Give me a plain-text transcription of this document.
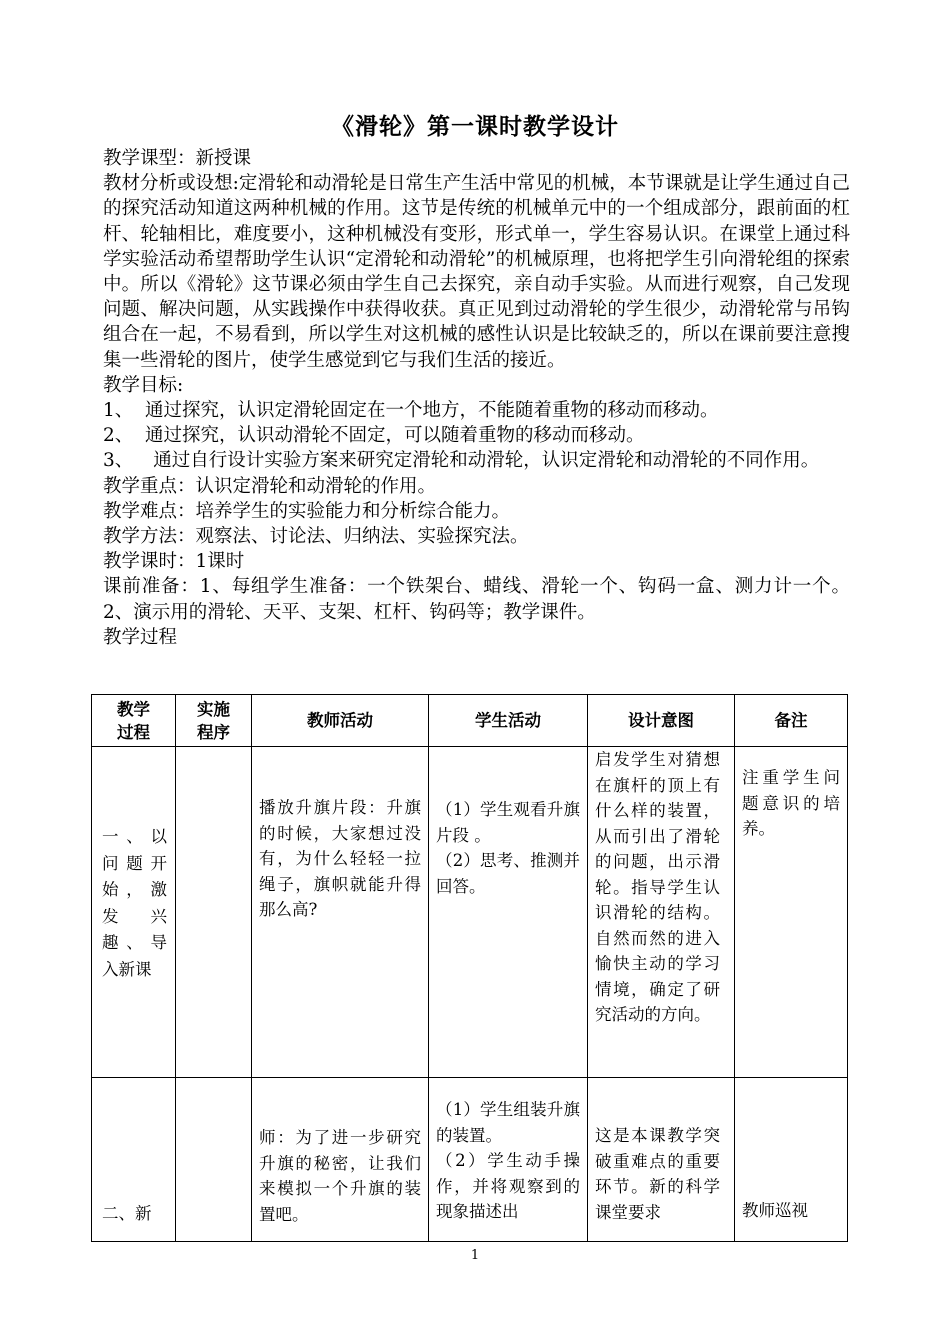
《滑轮》第一课时教学设计

教学课型：新授课

教材分析或设想:定滑轮和动滑轮是日常生产生活中常见的机械，本节课就是让学生通过自己的探究活动知道这两种机械的作用。这节是传统的机械单元中的一个组成部分，跟前面的杠杆、轮轴相比，难度要小，这种机械没有变形，形式单一，学生容易认识。在课堂上通过科学实验活动希望帮助学生认识“定滑轮和动滑轮”的机械原理，也将把学生引向滑轮组的探索中。所以《滑轮》这节课必须由学生自己去探究，亲自动手实验。从而进行观察，自己发现问题、解决问题，从实践操作中获得收获。真正见到过动滑轮的学生很少，动滑轮常与吊钩组合在一起，不易看到，所以学生对这机械的感性认识是比较缺乏的，所以在课前要注意搜集一些滑轮的图片，使学生感觉到它与我们生活的接近。

教学目标:

1、 通过探究，认识定滑轮固定在一个地方，不能随着重物的移动而移动。

2、 通过探究，认识动滑轮不固定，可以随着重物的移动而移动。

3、 通过自行设计实验方案来研究定滑轮和动滑轮，认识定滑轮和动滑轮的不同作用。

教学重点：认识定滑轮和动滑轮的作用。

教学难点：培养学生的实验能力和分析综合能力。

教学方法：观察法、讨论法、归纳法、实验探究法。

教学课时：1课时

课前准备：1、每组学生准备：一个铁架台、蜡线、滑轮一个、钩码一盒、测力计一个。 2、演示用的滑轮、天平、支架、杠杆、钩码等；教学课件。

教学过程

教学过程	实施程序	教师活动	学生活动	设计意图	备注

一、以问题开始，激发兴趣、导入新课		播放升旗片段：升旗的时候，大家想过没有，为什么轻轻一拉绳子，旗帜就能升得那么高?	（1）学生观看升旗片段 。
（2）思考、推测并回答。	启发学生对猜想在旗杆的顶上有什么样的装置，从而引出了滑轮的问题，出示滑轮。指导学生认识滑轮的结构。自然而然的进入愉快主动的学习情境，确定了研究活动的方向。	注重学生问题意识的培养。

二、新		师：为了进一步研究升旗的秘密，让我们来模拟一个升旗的装置吧。	（1）学生组装升旗的装置。
（2）学生动手操作，并将观察到的现象描述出	这是本课教学突破重难点的重要环节。新的科学课堂要求	教师巡视
1
